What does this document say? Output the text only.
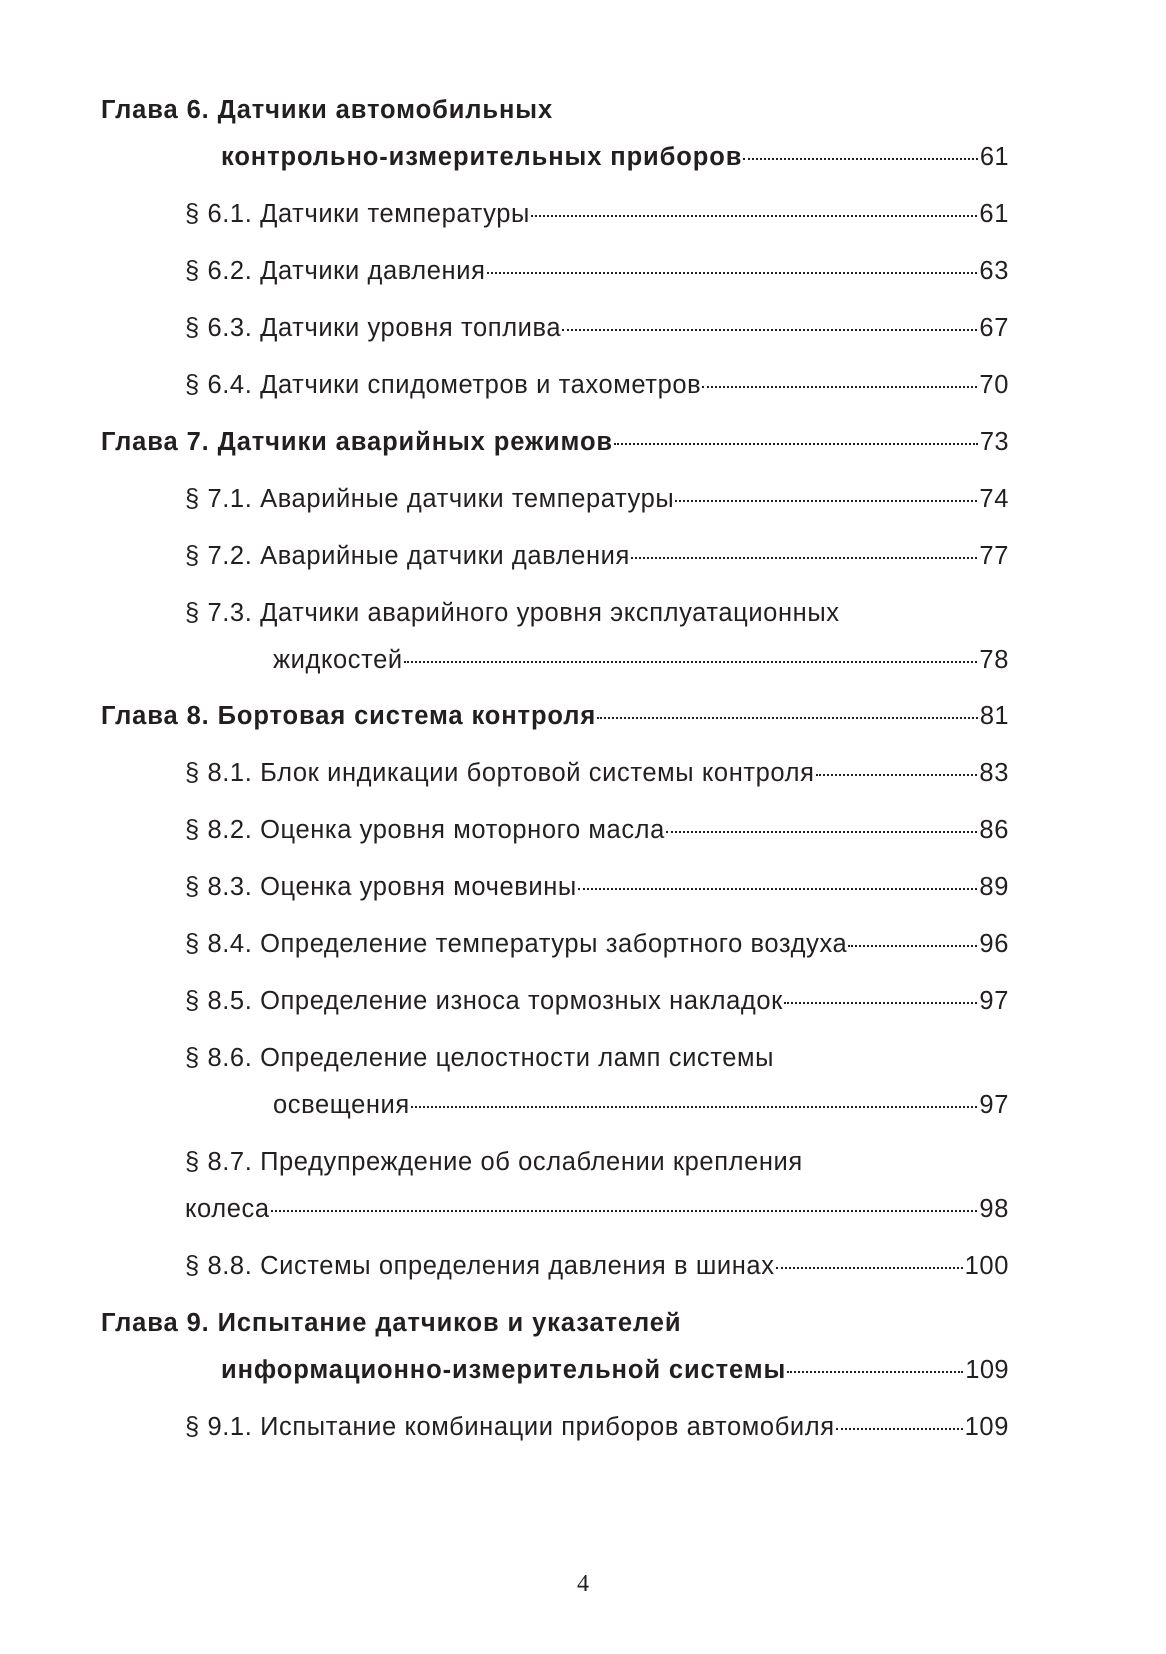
Глава 6. Датчики автомобильных
контрольно-измерительных приборов	61
§ 6.1. Датчики температуры	61
§ 6.2. Датчики давления	63
§ 6.3. Датчики уровня топлива	67
§ 6.4. Датчики спидометров и тахометров	70
Глава 7. Датчики аварийных режимов	73
§ 7.1. Аварийные датчики температуры	74
§ 7.2. Аварийные датчики давления	77
§ 7.3. Датчики аварийного уровня эксплуатационных
жидкостей	78
Глава 8. Бортовая система контроля	81
§ 8.1. Блок индикации бортовой системы контроля	83
§ 8.2. Оценка уровня моторного масла	86
§ 8.3. Оценка уровня мочевины	89
§ 8.4. Определение температуры забортного воздуха	96
§ 8.5. Определение износа тормозных накладок	97
§ 8.6. Определение целостности ламп системы
освещения	97
§ 8.7. Предупреждение об ослаблении крепления
колеса	98
§ 8.8. Системы определения давления в шинах	100
Глава 9. Испытание датчиков и указателей
информационно-измерительной системы	109
§ 9.1. Испытание комбинации приборов автомобиля	109
4
